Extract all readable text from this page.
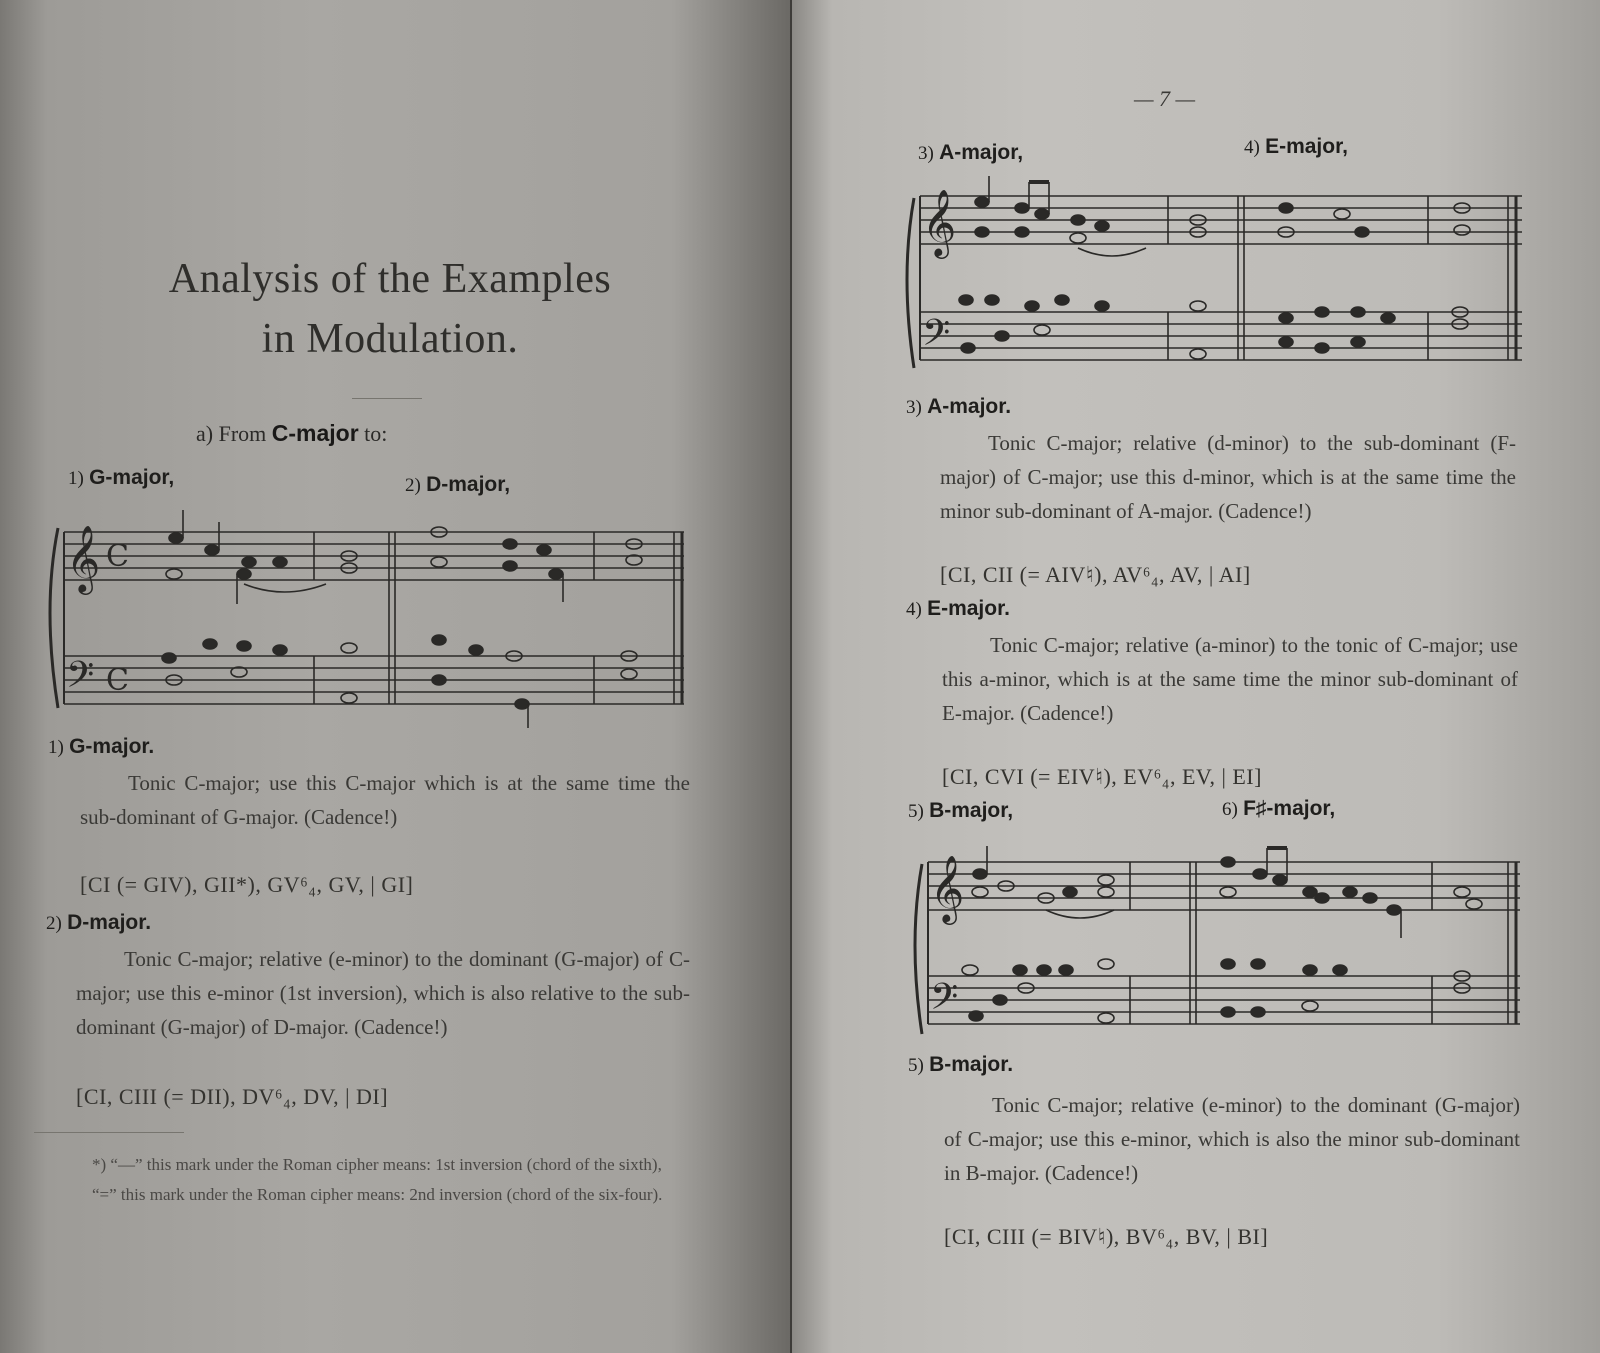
Analysis of the Examples
in Modulation.
a) From C-major to:
1) G-major,	2) D-major,
𝄞 C
𝄢 C
1) G-major.
Tonic C-major; use this C-major which is at the same time the sub-dominant of G-major. (Cadence!)
[CI (= GIV), GII*), GV⁶₄, GV, | GI]
2) D-major.
Tonic C-major; relative (e-minor) to the dominant (G-major) of C-major; use this e-minor (1st inversion), which is also relative to the sub-dominant (G-major) of D-major. (Cadence!)
[CI, CIII (= DII), DV⁶₄, DV, | DI]
*) “—” this mark under the Roman cipher means: 1st inversion (chord of the sixth),
“=” this mark under the Roman cipher means: 2nd inversion (chord of the six-four).
— 7 —
3) A-major,	4) E-major,
𝄞
𝄢
3) A-major.
Tonic C-major; relative (d-minor) to the sub-dominant (F-major) of C-major; use this d-minor, which is at the same time the minor sub-dominant of A-major. (Cadence!)
[CI, CII (= AIV♮), AV⁶₄, AV, | AI]
4) E-major.
Tonic C-major; relative (a-minor) to the tonic of C-major; use this a-minor, which is at the same time the minor sub-dominant of E-major. (Cadence!)
[CI, CVI (= EIV♮), EV⁶₄, EV, | EI]
5) B-major,	6) F♯-major,
𝄞
𝄢
5) B-major.
Tonic C-major; relative (e-minor) to the dominant (G-major) of C-major; use this e-minor, which is also the minor sub-dominant in B-major. (Cadence!)
[CI, CIII (= BIV♮), BV⁶₄, BV, | BI]
